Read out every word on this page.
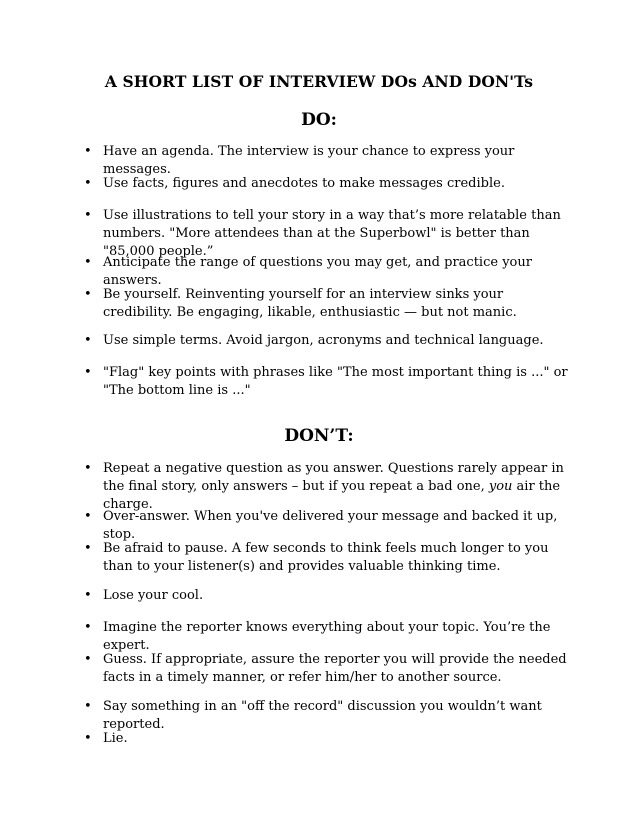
A SHORT LIST OF INTERVIEW DOs AND DON'Ts
DO:
• Have an agenda. The interview is your chance to express your messages.
• Use facts, figures and anecdotes to make messages credible.
• Use illustrations to tell your story in a way that’s more relatable than numbers. "More attendees than at the Superbowl" is better than "85,000 people.”
• Anticipate the range of questions you may get, and practice your answers.
• Be yourself. Reinventing yourself for an interview sinks your credibility. Be engaging, likable, enthusiastic — but not manic.
• Use simple terms. Avoid jargon, acronyms and technical language.
• "Flag" key points with phrases like "The most important thing is ..." or "The bottom line is ..."
DON’T:
• Repeat a negative question as you answer. Questions rarely appear in the final story, only answers – but if you repeat a bad one, you air the charge.
• Over-answer. When you've delivered your message and backed it up, stop.
• Be afraid to pause. A few seconds to think feels much longer to you than to your listener(s) and provides valuable thinking time.
• Lose your cool.
• Imagine the reporter knows everything about your topic. You’re the expert.
• Guess. If appropriate, assure the reporter you will provide the needed facts in a timely manner, or refer him/her to another source.
• Say something in an "off the record" discussion you wouldn’t want reported.
• Lie.
